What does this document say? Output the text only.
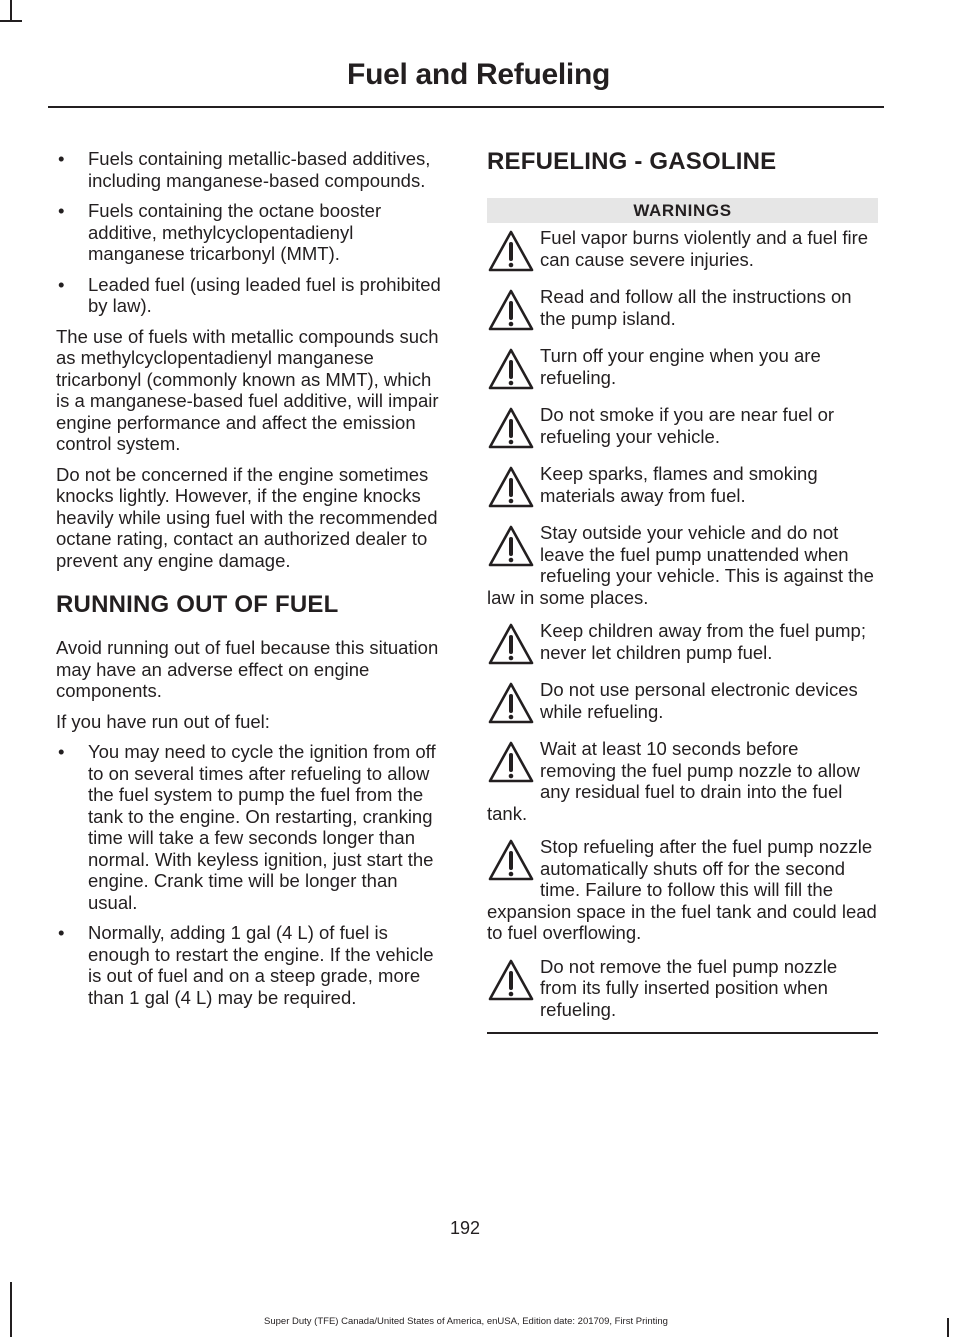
Fuel and Refueling
• Fuels containing metallic-based additives, including manganese-based compounds.
• Fuels containing the octane booster additive, methylcyclopentadienyl manganese tricarbonyl (MMT).
• Leaded fuel (using leaded fuel is prohibited by law).

The use of fuels with metallic compounds such as methylcyclopentadienyl manganese tricarbonyl (commonly known as MMT), which is a manganese-based fuel additive, will impair engine performance and affect the emission control system.

Do not be concerned if the engine sometimes knocks lightly. However, if the engine knocks heavily while using fuel with the recommended octane rating, contact an authorized dealer to prevent any engine damage.

RUNNING OUT OF FUEL

Avoid running out of fuel because this situation may have an adverse effect on engine components.

If you have run out of fuel:

• You may need to cycle the ignition from off to on several times after refueling to allow the fuel system to pump the fuel from the tank to the engine. On restarting, cranking time will take a few seconds longer than normal. With keyless ignition, just start the engine. Crank time will be longer than usual.
• Normally, adding 1 gal (4 L) of fuel is enough to restart the engine. If the vehicle is out of fuel and on a steep grade, more than 1 gal (4 L) may be required.
REFUELING - GASOLINE
WARNINGS
Fuel vapor burns violently and a fuel fire can cause severe injuries.
Read and follow all the instructions on the pump island.
Turn off your engine when you are refueling.
Do not smoke if you are near fuel or refueling your vehicle.
Keep sparks, flames and smoking materials away from fuel.
Stay outside your vehicle and do not leave the fuel pump unattended when refueling your vehicle. This is against the law in some places.
Keep children away from the fuel pump; never let children pump fuel.
Do not use personal electronic devices while refueling.
Wait at least 10 seconds before removing the fuel pump nozzle to allow any residual fuel to drain into the fuel tank.
Stop refueling after the fuel pump nozzle automatically shuts off for the second time. Failure to follow this will fill the expansion space in the fuel tank and could lead to fuel overflowing.
Do not remove the fuel pump nozzle from its fully inserted position when refueling.
192
Super Duty (TFE) Canada/United States of America, enUSA, Edition date: 201709, First Printing
